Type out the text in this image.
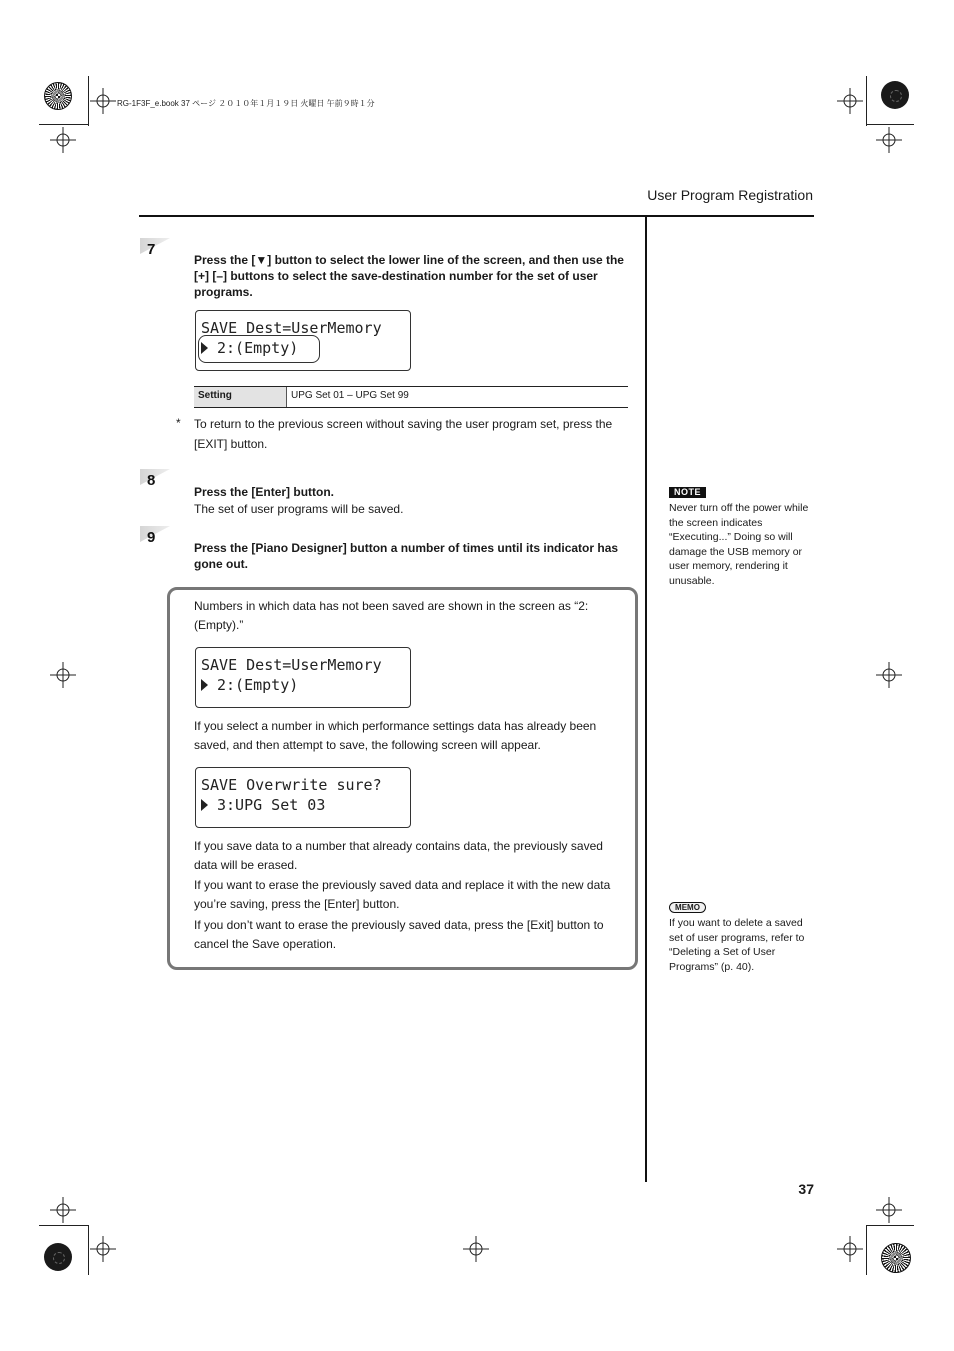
RG-1F3F_e.book 37 ページ ２０１０年１月１９日 火曜日 午前９時１分
User Program Registration
7
Press the [▼] button to select the lower line of the screen, and then use the [+] [–] buttons to select the save-destination number for the set of user programs.
SAVE Dest=UserMemory
2:(Empty)
Setting	UPG Set 01 – UPG Set 99
* To return to the previous screen without saving the user program set, press the [EXIT] button.
8
Press the [Enter] button.
The set of user programs will be saved.
9
Press the [Piano Designer] button a number of times until its indicator has gone out.
Numbers in which data has not been saved are shown in the screen as “2: (Empty).”
SAVE Dest=UserMemory
2:(Empty)
If you select a number in which performance settings data has already been saved, and then attempt to save, the following screen will appear.
SAVE Overwrite sure?
3:UPG Set 03
If you save data to a number that already contains data, the previously saved data will be erased.
If you want to erase the previously saved data and replace it with the new data you’re saving, press the [Enter] button.
If you don’t want to erase the previously saved data, press the [Exit] button to cancel the Save operation.
NOTE
Never turn off the power while the screen indicates “Executing...” Doing so will damage the USB memory or user memory, rendering it unusable.
MEMO
If you want to delete a saved set of user programs, refer to “Deleting a Set of User Programs” (p. 40).
37
